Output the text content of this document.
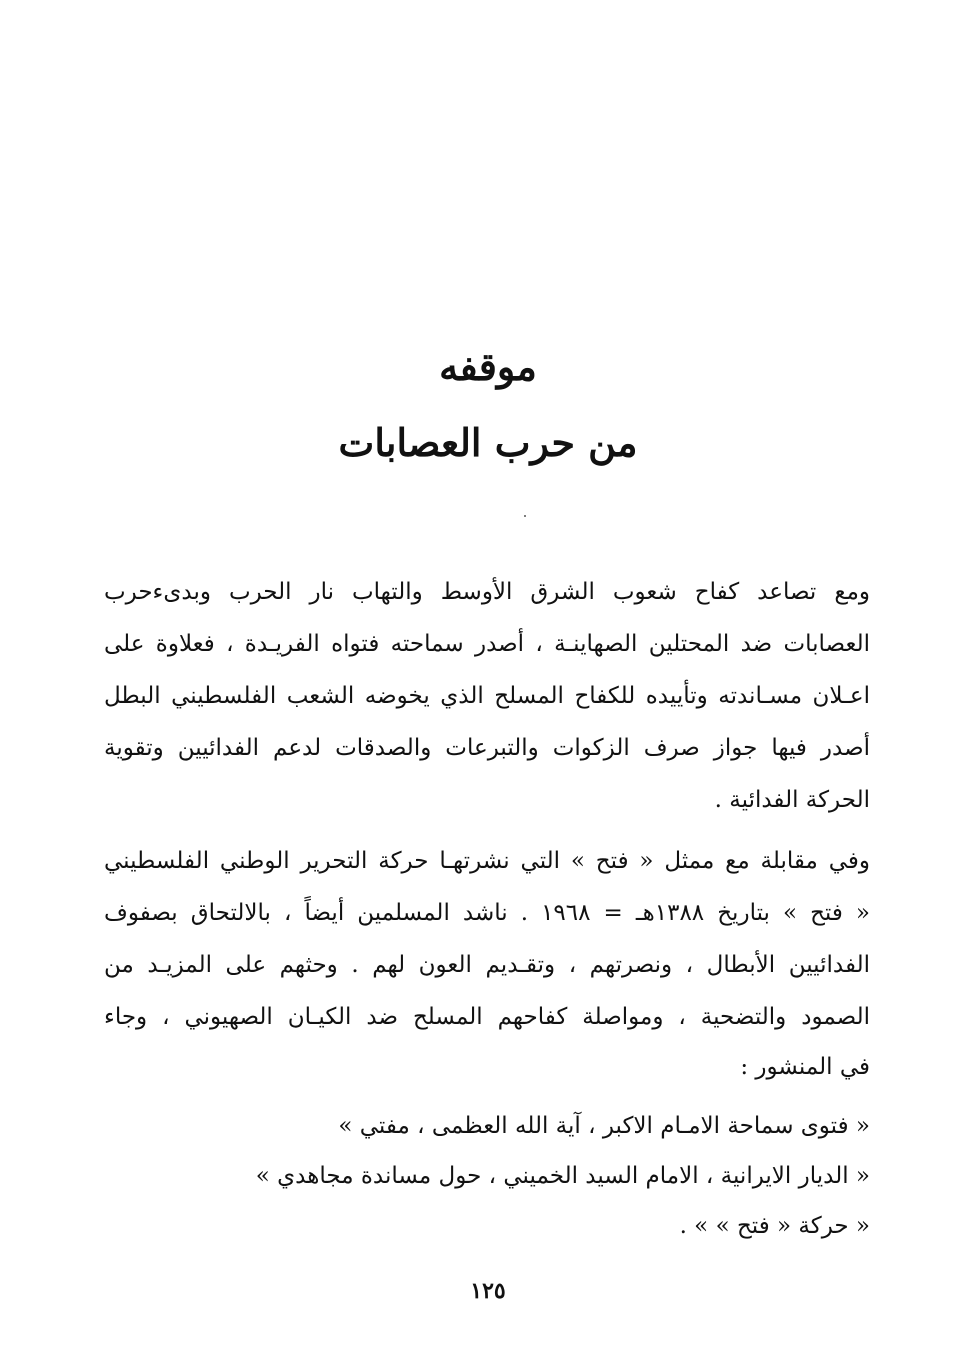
موقفه
من حرب العصابات
ومع تصاعد كفاح شعوب الشرق الأوسط والتهاب نار الحرب وبدىءحرب
العصابات ضد المحتلين الصهاينـة ، أصدر سماحته فتواه الفريـدة ، فعلاوة على
اعـلان مسـاندته وتأييده للكفاح المسلح الذي يخوضه الشعب الفلسطيني البطل
أصدر فيها جواز صرف الزكوات والتبرعات والصدقات لدعم الفدائيين وتقوية
الحركة الفدائية .
وفي مقابلة مع ممثل « فتح » التي نشرتهـا حركة التحرير الوطني الفلسطيني
« فتح » بتاريخ ١٣٨٨هـ = ١٩٦٨ . ناشد المسلمين أيضاً ، بالالتحاق بصفوف
الفدائيين الأبطال ، ونصرتهم ، وتقـديم العون لهم . وحثهم على المزيـد من
الصمود والتضحية ، ومواصلة كفاحهم المسلح ضد الكيـان الصهيوني ، وجاء
في المنشور :
« فتوى سماحة الامـام الاكبر ، آية الله العظمى ، مفتي »
« الديار الايرانية ، الامام السيد الخميني ، حول مساندة مجاهدي »
« حركة « فتح » » .
١٢٥
